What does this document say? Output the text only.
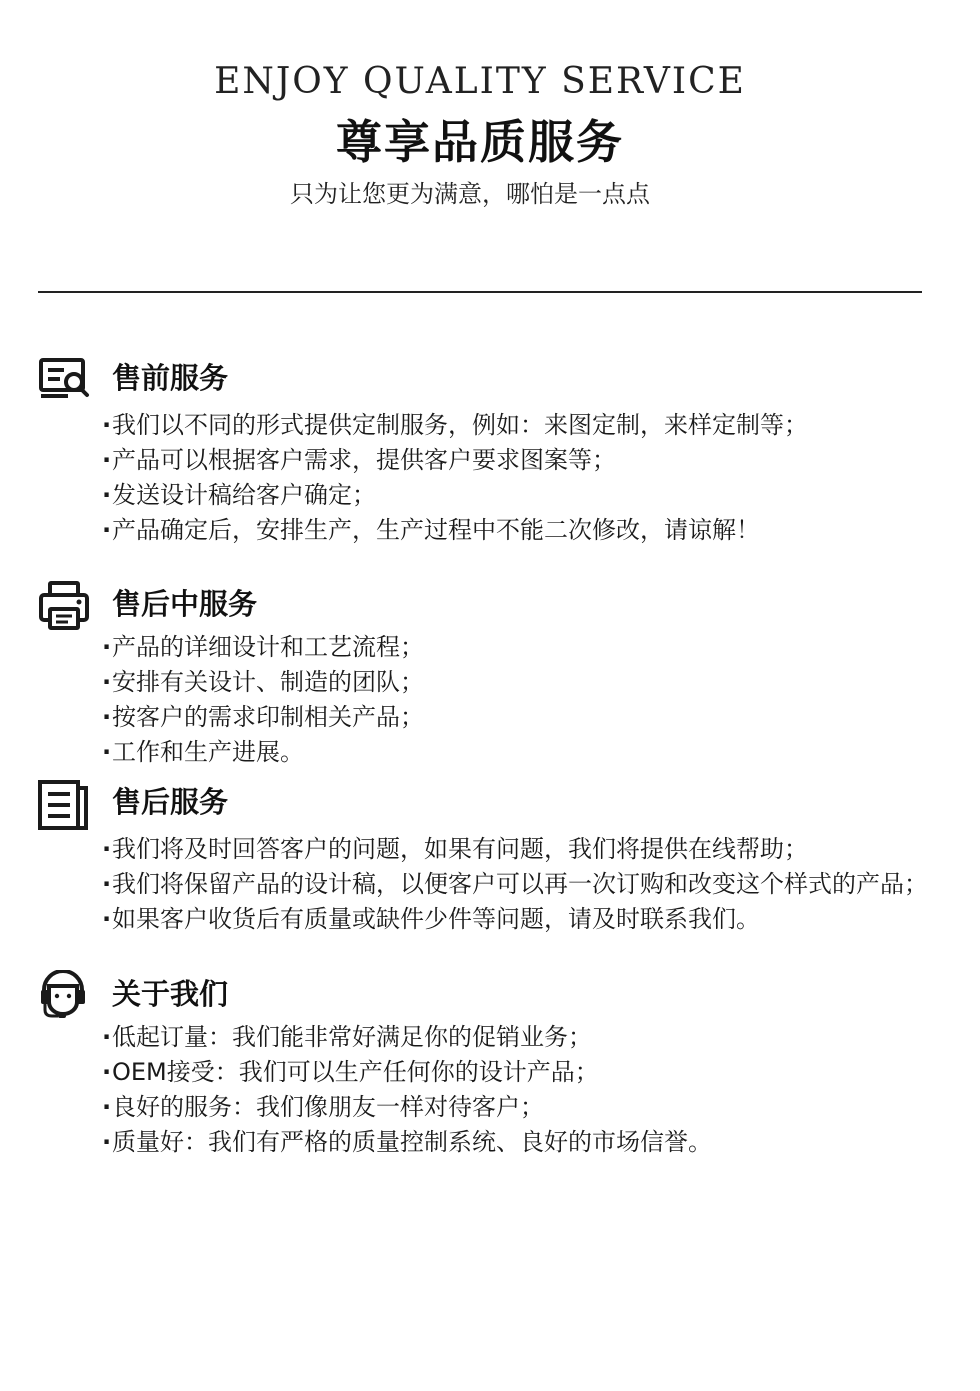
ENJOY QUALITY SERVICE
尊享品质服务
只为让您更为满意，哪怕是一点点
售前服务
· 我们以不同的形式提供定制服务，例如：来图定制，来样定制等；
· 产品可以根据客户需求，提供客户要求图案等；
· 发送设计稿给客户确定；
· 产品确定后，安排生产，生产过程中不能二次修改，请谅解！
售后中服务
· 产品的详细设计和工艺流程；
· 安排有关设计、制造的团队；
· 按客户的需求印制相关产品；
· 工作和生产进展。
售后服务
· 我们将及时回答客户的问题，如果有问题，我们将提供在线帮助；
· 我们将保留产品的设计稿，以便客户可以再一次订购和改变这个样式的产品；
· 如果客户收货后有质量或缺件少件等问题，请及时联系我们。
关于我们
· 低起订量：我们能非常好满足你的促销业务；
· OEM接受：我们可以生产任何你的设计产品；
· 良好的服务：我们像朋友一样对待客户；
· 质量好：我们有严格的质量控制系统、良好的市场信誉。
